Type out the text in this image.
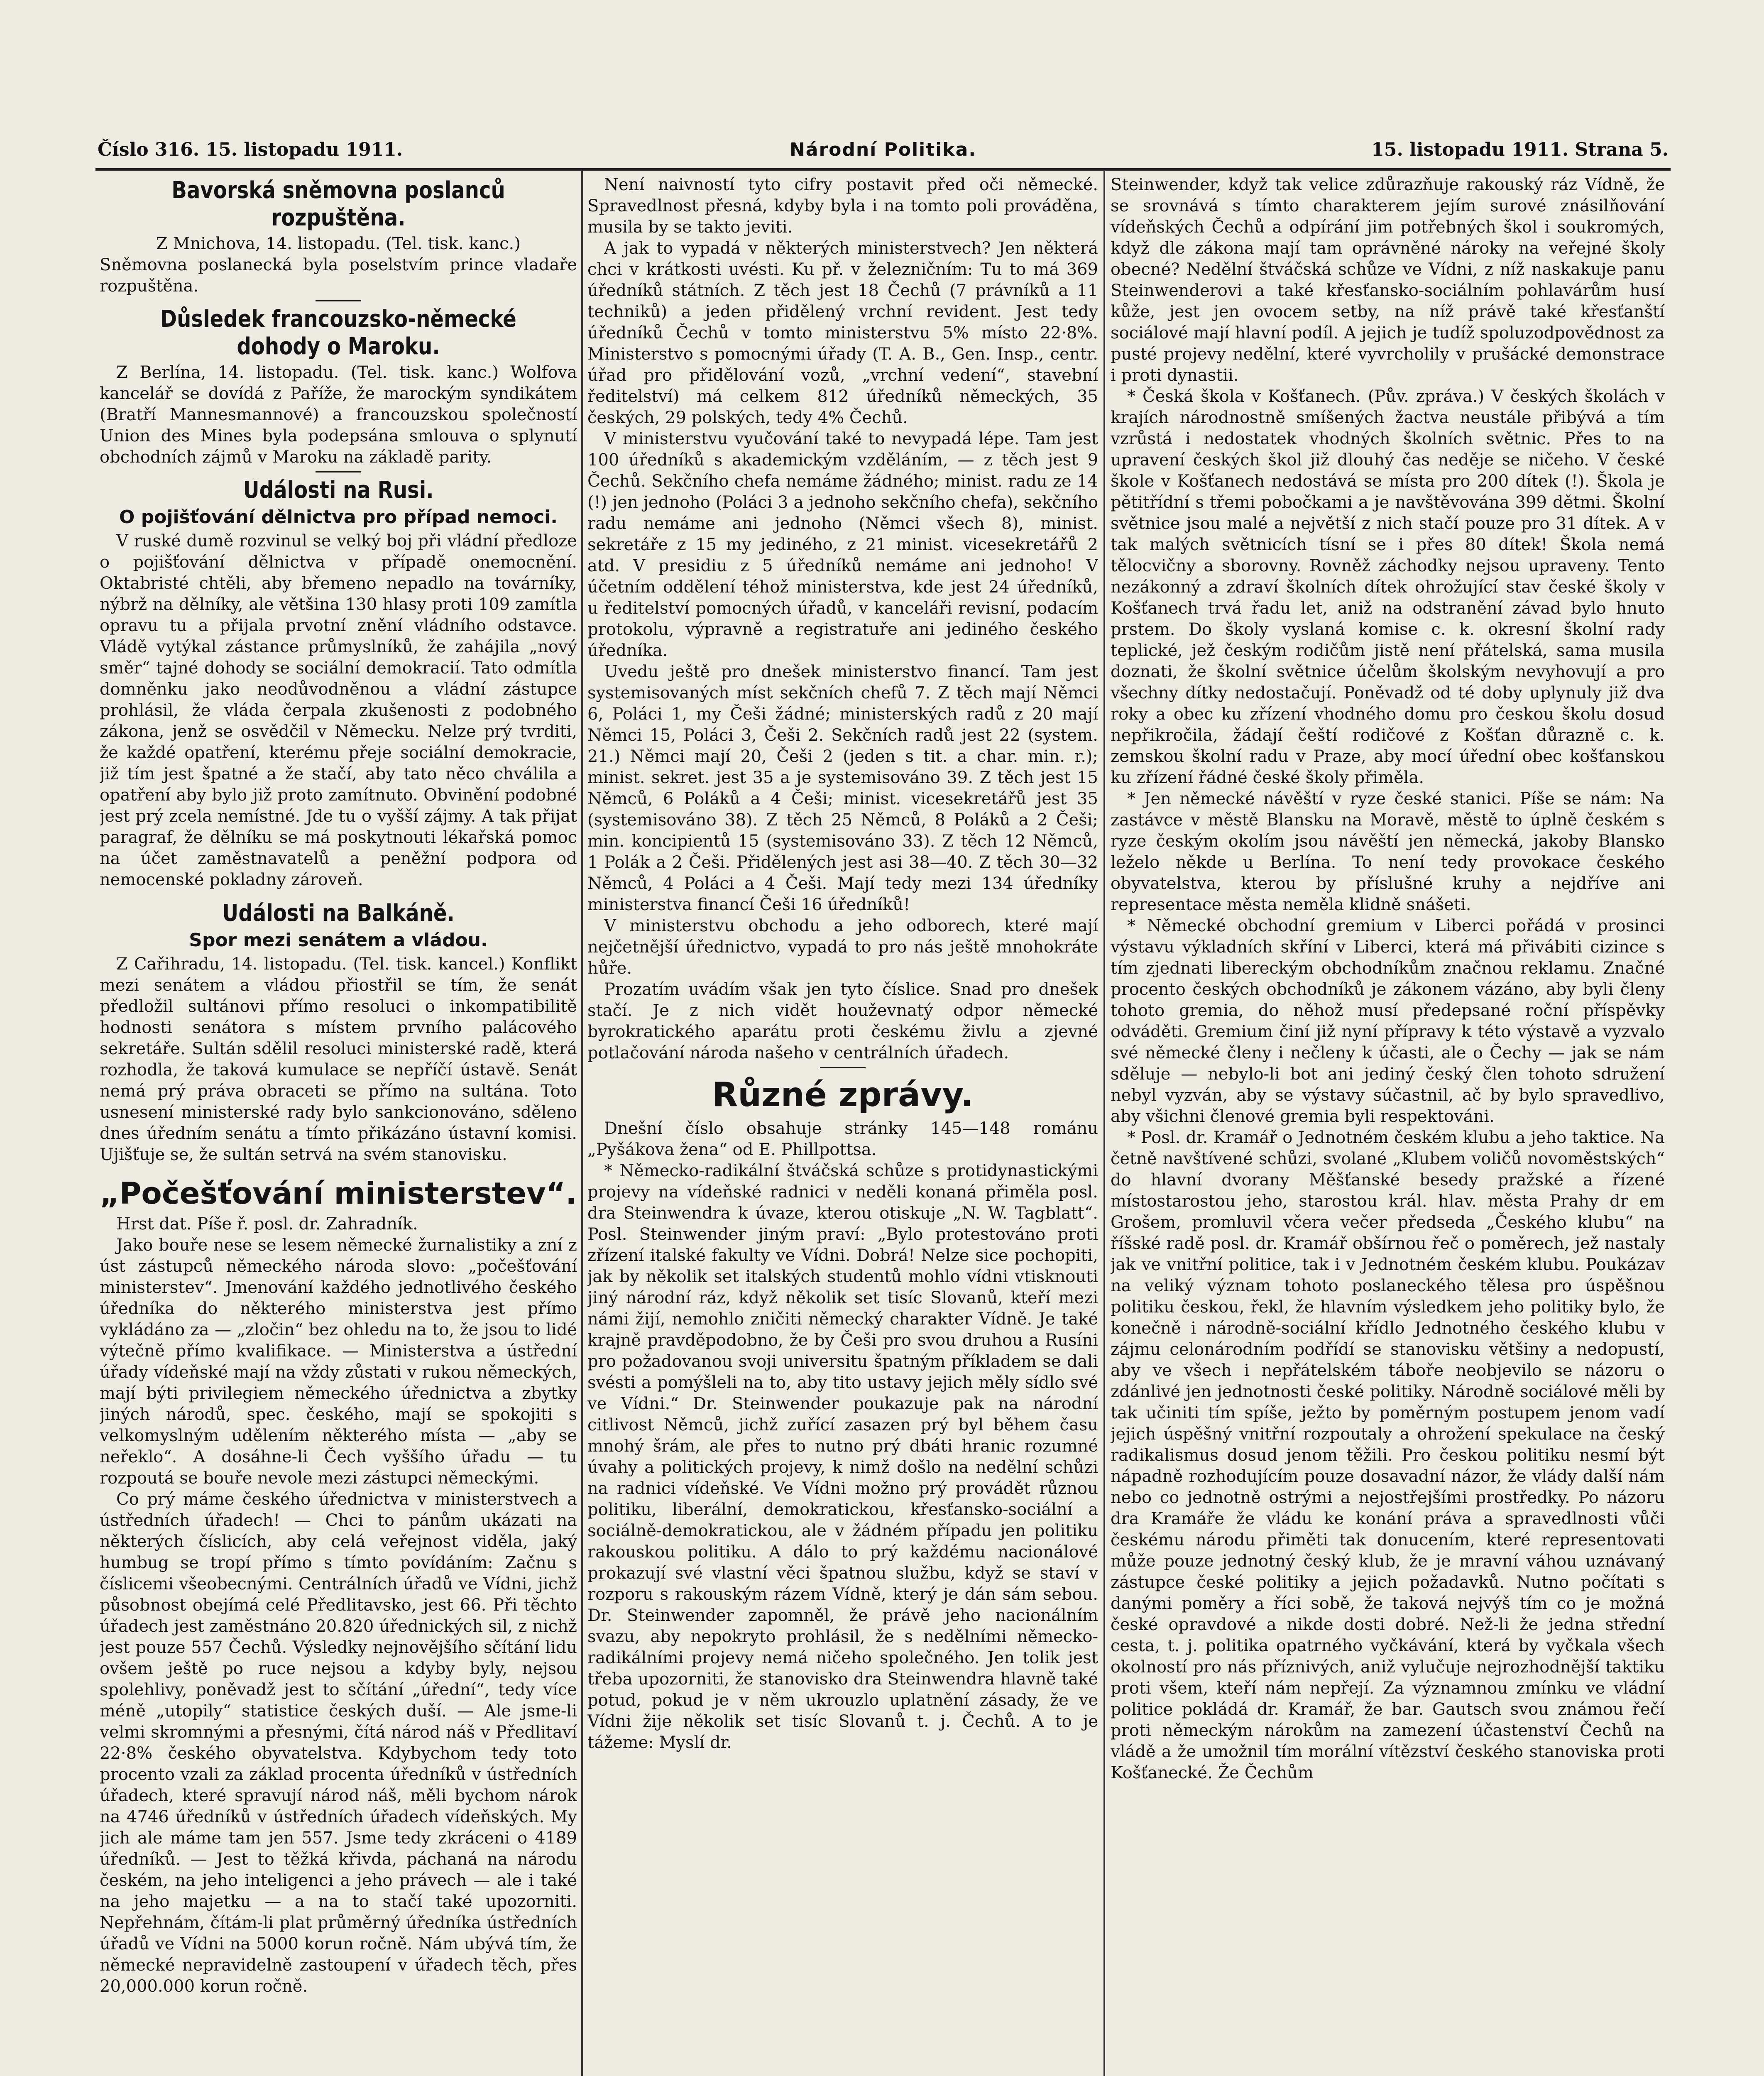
Číslo 316. 15. listopadu 1911.	Národní Politika.	15. listopadu 1911. Strana 5.
Bavorská sněmovna poslanců rozpuštěna.

Z Mnichova, 14. listopadu. (Tel. tisk. kanc.)

Sněmovna poslanecká byla poselstvím prince vladaře rozpuštěna.

Důsledek francouzsko-německé dohody o Maroku.

Z Berlína, 14. listopadu. (Tel. tisk. kanc.) Wolfova kancelář se dovídá z Paříže, že marockým syndikátem (Bratří Mannesmannové) a francouzskou společností Union des Mines byla podepsána smlouva o splynutí obchodních zájmů v Maroku na základě parity.

Události na Rusi.
O pojišťování dělnictva pro případ nemoci.

V ruské dumě rozvinul se velký boj při vládní předloze o pojišťování dělnictva v případě onemocnění. Oktabristé chtěli, aby břemeno nepadlo na továrníky, nýbrž na dělníky, ale většina 130 hlasy proti 109 zamítla opravu tu a přijala prvotní znění vládního odstavce. Vládě vytýkal zástance průmyslníků, že zahájila „nový směr“ tajné dohody se sociální demokracií. Tato odmítla domněnku jako neodůvodněnou a vládní zástupce prohlásil, že vláda čerpala zkušenosti z podobného zákona, jenž se osvědčil v Německu. Nelze prý tvrditi, že každé opatření, kterému přeje sociální demokracie, již tím jest špatné a že stačí, aby tato něco chválila a opatření aby bylo již proto zamítnuto. Obvinění podobné jest prý zcela nemístné. Jde tu o vyšší zájmy. A tak přijat paragraf, že dělníku se má poskytnouti lékařská pomoc na účet zaměstnavatelů a peněžní podpora od nemocenské pokladny zároveň.

Události na Balkáně.
Spor mezi senátem a vládou.

Z Cařihradu, 14. listopadu. (Tel. tisk. kancel.) Konflikt mezi senátem a vládou přiostřil se tím, že senát předložil sultánovi přímo resoluci o inkompatibilitě hodnosti senátora s místem prvního palácového sekretáře. Sultán sdělil resoluci ministerské radě, která rozhodla, že taková kumulace se nepříčí ústavě. Senát nemá prý práva obraceti se přímo na sultána. Toto usnesení ministerské rady bylo sankcionováno, sděleno dnes úředním senátu a tímto přikázáno ústavní komisi. Ujišťuje se, že sultán setrvá na svém stanovisku.

„Počešťování ministerstev“.

Hrst dat. Píše ř. posl. dr. Zahradník.

Jako bouře nese se lesem německé žurnalistiky a zní z úst zástupců německého národa slovo: „počešťování ministerstev“. Jmenování každého jednotlivého českého úředníka do některého ministerstva jest přímo vykládáno za — „zločin“ bez ohledu na to, že jsou to lidé výtečně přímo kvalifikace. — Ministerstva a ústřední úřady vídeňské mají na vždy zůstati v rukou německých, mají býti privilegiem německého úřednictva a zbytky jiných národů, spec. českého, mají se spokojiti s velkomyslným udělením některého místa — „aby se neřeklo“. A dosáhne-li Čech vyššího úřadu — tu rozpoutá se bouře nevole mezi zástupci německými.

Co prý máme českého úřednictva v ministerstvech a ústředních úřadech! — Chci to pánům ukázati na některých číslicích, aby celá veřejnost viděla, jaký humbug se tropí přímo s tímto povídáním: Začnu s číslicemi všeobecnými. Centrálních úřadů ve Vídni, jichž působnost obejímá celé Předlitavsko, jest 66. Při těchto úřadech jest zaměstnáno 20.820 úřednických sil, z nichž jest pouze 557 Čechů. Výsledky nejnovějšího sčítání lidu ovšem ještě po ruce nejsou a kdyby byly, nejsou spolehlivy, poněvadž jest to sčítání „úřední“, tedy více méně „utopily“ statistice českých duší. — Ale jsme-li velmi skromnými a přesnými, čítá národ náš v Předlitaví 22·8% českého obyvatelstva. Kdybychom tedy toto procento vzali za základ procenta úředníků v ústředních úřadech, které spravují národ náš, měli bychom nárok na 4746 úředníků v ústředních úřadech vídeňských. My jich ale máme tam jen 557. Jsme tedy zkráceni o 4189 úředníků. — Jest to těžká křivda, páchaná na národu českém, na jeho inteligenci a jeho právech — ale i také na jeho majetku — a na to stačí také upozorniti. Nepřehnám, čítám-li plat průměrný úředníka ústředních úřadů ve Vídni na 5000 korun ročně. Nám ubývá tím, že německé nepravidelně zastoupení v úřadech těch, přes 20,000.000 korun ročně.

Není naivností tyto cifry postavit před oči německé. Spravedlnost přesná, kdyby byla i na tomto poli prováděna, musila by se takto jeviti.

A jak to vypadá v některých ministerstvech? Jen některá chci v krátkosti uvésti. Ku př. v železničním: Tu to má 369 úředníků státních. Z těch jest 18 Čechů (7 právníků a 11 techniků) a jeden přidělený vrchní revident. Jest tedy úředníků Čechů v tomto ministerstvu 5% místo 22·8%. Ministerstvo s pomocnými úřady (T. A. B., Gen. Insp., centr. úřad pro přidělování vozů, „vrchní vedení“, stavební ředitelství) má celkem 812 úředníků německých, 35 českých, 29 polských, tedy 4% Čechů.

V ministerstvu vyučování také to nevypadá lépe. Tam jest 100 úředníků s akademickým vzděláním, — z těch jest 9 Čechů. Sekčního chefa nemáme žádného; minist. radu ze 14 (!) jen jednoho (Poláci 3 a jednoho sekčního chefa), sekčního radu nemáme ani jednoho (Němci všech 8), minist. sekretáře z 15 my jediného, z 21 minist. vicesekretářů 2 atd. V presidiu z 5 úředníků nemáme ani jednoho! V účetním oddělení téhož ministerstva, kde jest 24 úředníků, u ředitelství pomocných úřadů, v kanceláři revisní, podacím protokolu, výpravně a registratuře ani jediného českého úředníka.

Uvedu ještě pro dnešek ministerstvo financí. Tam jest systemisovaných míst sekčních chefů 7. Z těch mají Němci 6, Poláci 1, my Češi žádné; ministerských radů z 20 mají Němci 15, Poláci 3, Češi 2. Sekčních radů jest 22 (system. 21.) Němci mají 20, Češi 2 (jeden s tit. a char. min. r.); minist. sekret. jest 35 a je systemisováno 39. Z těch jest 15 Němců, 6 Poláků a 4 Češi; minist. vicesekretářů jest 35 (systemisováno 38). Z těch 25 Němců, 8 Poláků a 2 Češi; min. koncipientů 15 (systemisováno 33). Z těch 12 Němců, 1 Polák a 2 Češi. Přidělených jest asi 38—40. Z těch 30—32 Němců, 4 Poláci a 4 Češi. Mají tedy mezi 134 úředníky ministerstva financí Češi 16 úředníků!

V ministerstvu obchodu a jeho odborech, které mají nejčetnější úřednictvo, vypadá to pro nás ještě mnohokráte hůře.

Prozatím uvádím však jen tyto číslice. Snad pro dnešek stačí. Je z nich vidět houževnatý odpor německé byrokratického aparátu proti českému živlu a zjevné potlačování národa našeho v centrálních úřadech.

Různé zprávy.

Dnešní číslo obsahuje stránky 145—148 románu „Pyšákova žena“ od E. Phillpottsa.

* Německo-radikální štváčská schůze s protidynastickými projevy na vídeňské radnici v neděli konaná přiměla posl. dra Steinwendra k úvaze, kterou otiskuje „N. W. Tagblatt“. Posl. Steinwender jiným praví: „Bylo protestováno proti zřízení italské fakulty ve Vídni. Dobrá! Nelze sice pochopiti, jak by několik set italských studentů mohlo vídni vtisknouti jiný národní ráz, když několik set tisíc Slovanů, kteří mezi námi žijí, nemohlo zničiti německý charakter Vídně. Je také krajně pravděpodobno, že by Češi pro svou druhou a Rusíni pro požadovanou svoji universitu špatným příkladem se dali svésti a pomýšleli na to, aby tito ustavy jejich měly sídlo své ve Vídni.“ Dr. Steinwender poukazuje pak na národní citlivost Němců, jichž zuřící zasazen prý byl během času mnohý šrám, ale přes to nutno prý dbáti hranic rozumné úvahy a politických projevy, k nimž došlo na nedělní schůzi na radnici vídeňské. Ve Vídni možno prý provádět různou politiku, liberální, demokratickou, křesťansko-sociální a sociálně-demokratickou, ale v žádném případu jen politiku rakouskou politiku. A dálo to prý každému nacionálové prokazují své vlastní věci špatnou službu, když se staví v rozporu s rakouským rázem Vídně, který je dán sám sebou. Dr. Steinwender zapomněl, že právě jeho nacionálním svazu, aby nepokryto prohlásil, že s nedělními německo-radikálními projevy nemá ničeho společného. Jen tolik jest třeba upozorniti, že stanovisko dra Steinwendra hlavně také potud, pokud je v něm ukrouzlo uplatnění zásady, že ve Vídni žije několik set tisíc Slovanů t. j. Čechů. A to je tážeme: Myslí dr.

Steinwender, když tak velice zdůrazňuje rakouský ráz Vídně, že se srovnává s tímto charakterem jejím surové znásilňování vídeňských Čechů a odpírání jim potřebných škol i soukromých, když dle zákona mají tam oprávněné nároky na veřejné školy obecné? Nedělní štváčská schůze ve Vídni, z níž naskakuje panu Steinwenderovi a také křesťansko-sociálním pohlavárům husí kůže, jest jen ovocem setby, na níž právě také křesťanští sociálové mají hlavní podíl. A jejich je tudíž spoluzodpovědnost za pusté projevy nedělní, které vyvrcholily v prušácké demonstrace i proti dynastii.

* Česká škola v Košťanech. (Pův. zpráva.) V českých školách v krajích národnostně smíšených žactva neustále přibývá a tím vzrůstá i nedostatek vhodných školních světnic. Přes to na upravení českých škol již dlouhý čas neděje se ničeho. V české škole v Košťanech nedostává se místa pro 200 dítek (!). Škola je pětitřídní s třemi pobočkami a je navštěvována 399 dětmi. Školní světnice jsou malé a největší z nich stačí pouze pro 31 dítek. A v tak malých světnicích tísní se i přes 80 dítek! Škola nemá tělocvičny a sborovny. Rovněž záchodky nejsou upraveny. Tento nezákonný a zdraví školních dítek ohrožující stav české školy v Košťanech trvá řadu let, aniž na odstranění závad bylo hnuto prstem. Do školy vyslaná komise c. k. okresní školní rady teplické, jež českým rodičům jistě není přátelská, sama musila doznati, že školní světnice účelům školským nevyhovují a pro všechny dítky nedostačují. Poněvadž od té doby uplynuly již dva roky a obec ku zřízení vhodného domu pro českou školu dosud nepřikročila, žádají čeští rodičové z Košťan důrazně c. k. zemskou školní radu v Praze, aby mocí úřední obec košťanskou ku zřízení řádné české školy přiměla.

* Jen německé návěští v ryze české stanici. Píše se nám: Na zastávce v městě Blansku na Moravě, městě to úplně českém s ryze českým okolím jsou návěští jen německá, jakoby Blansko leželo někde u Berlína. To není tedy provokace českého obyvatelstva, kterou by příslušné kruhy a nejdříve ani representace města neměla klidně snášeti.

* Německé obchodní gremium v Liberci pořádá v prosinci výstavu výkladních skříní v Liberci, která má přivábiti cizince s tím zjednati libereckým obchodníkům značnou reklamu. Značné procento českých obchodníků je zákonem vázáno, aby byli členy tohoto gremia, do něhož musí předepsané roční příspěvky odváděti. Gremium činí již nyní přípravy k této výstavě a vyzvalo své německé členy i nečleny k účasti, ale o Čechy — jak se nám sděluje — nebylo-li bot ani jediný český člen tohoto sdružení nebyl vyzván, aby se výstavy súčastnil, ač by bylo spravedlivo, aby všichni členové gremia byli respektováni.

* Posl. dr. Kramář o Jednotném českém klubu a jeho taktice. Na četně navštívené schůzi, svolané „Klubem voličů novoměstských“ do hlavní dvorany Měšťanské besedy pražské a řízené místostarostou jeho, starostou král. hlav. města Prahy dr em Grošem, promluvil včera večer předseda „Českého klubu“ na říšské radě posl. dr. Kramář obšírnou řeč o poměrech, jež nastaly jak ve vnitřní politice, tak i v Jednotném českém klubu. Poukázav na veliký význam tohoto poslaneckého tělesa pro úspěšnou politiku českou, řekl, že hlavním výsledkem jeho politiky bylo, že konečně i národně-sociální křídlo Jednotného českého klubu v zájmu celonárodním podřídí se stanovisku většiny a nedopustí, aby ve všech i nepřátelském táboře neobjevilo se názoru o zdánlivé jen jednotnosti české politiky. Národně sociálové měli by tak učiniti tím spíše, ježto by poměrným postupem jenom vadí jejich úspěšný vnitřní rozpoutaly a ohrožení spekulace na český radikalismus dosud jenom těžili. Pro českou politiku nesmí být nápadně rozhodujícím pouze dosavadní názor, že vlády další nám nebo co jednotně ostrými a nejostřejšími prostředky. Po názoru dra Kramáře že vládu ke konání práva a spravedlnosti vůči českému národu přiměti tak donucením, které representovati může pouze jednotný český klub, že je mravní váhou uznávaný zástupce české politiky a jejich požadavků. Nutno počítati s danými poměry a říci sobě, že taková nejvýš tím co je možná české opravdové a nikde dosti dobré. Než-li že jedna střední cesta, t. j. politika opatrného vyčkávání, která by vyčkala všech okolností pro nás příznivých, aniž vylučuje nejrozhodnější taktiku proti všem, kteří nám nepřejí. Za významnou zmínku ve vládní politice pokládá dr. Kramář, že bar. Gautsch svou známou řečí proti německým nárokům na zamezení účastenství Čechů na vládě a že umožnil tím morální vítězství českého stanoviska proti Košťanecké. Že Čechům
